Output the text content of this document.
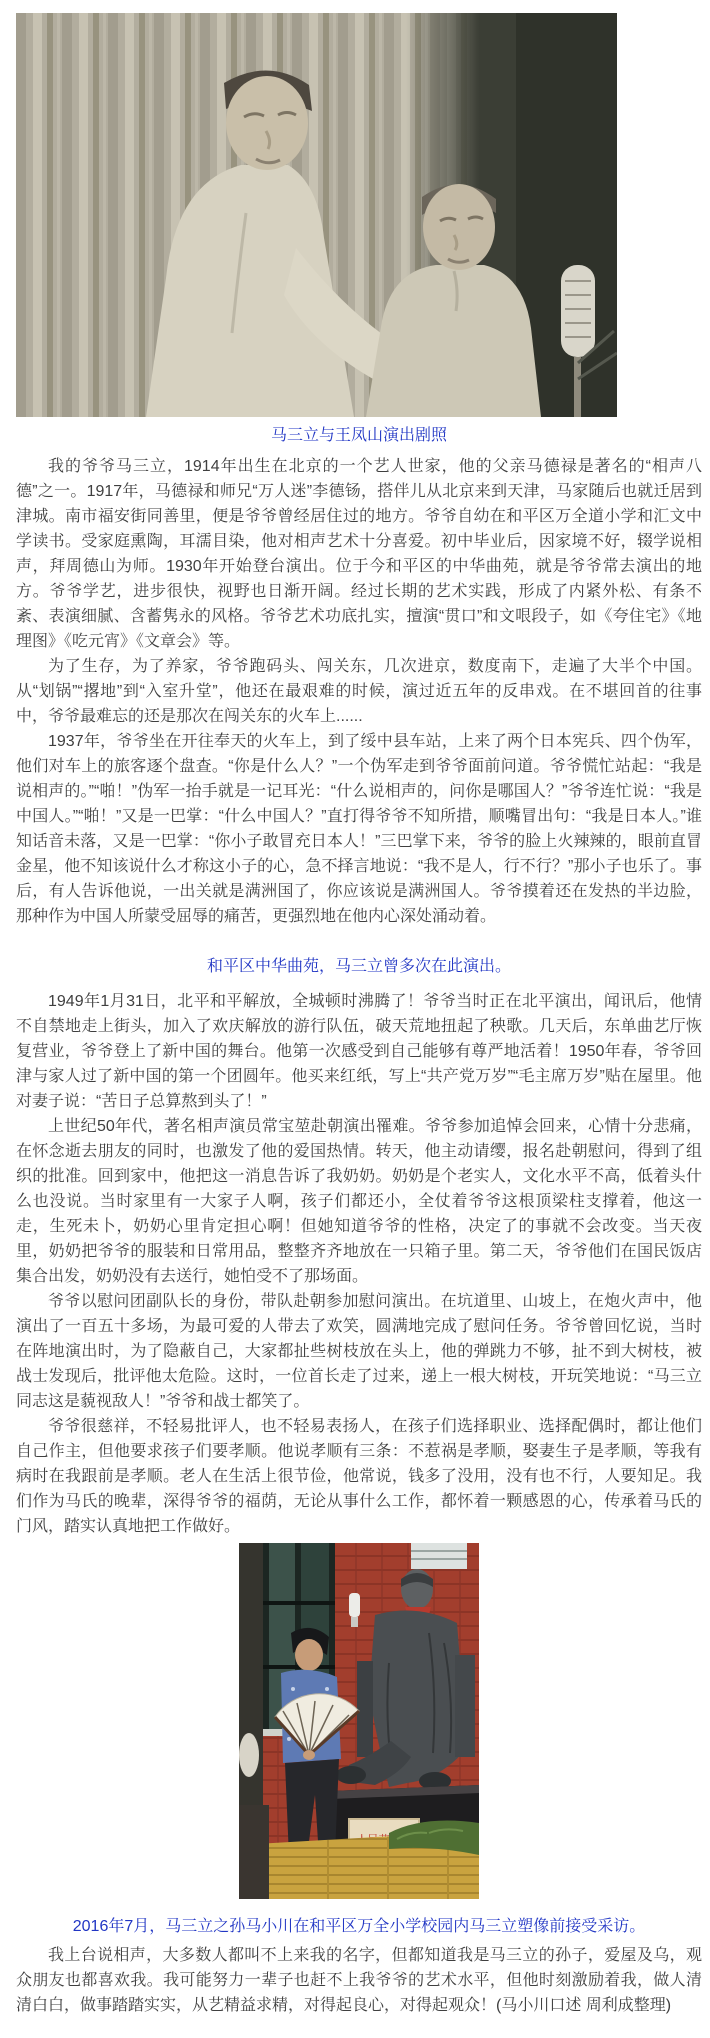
马三立与王凤山演出剧照

我的爷爷马三立，1914年出生在北京的一个艺人世家，他的父亲马德禄是著名的“相声八德”之一。1917年，马德禄和师兄“万人迷”李德钖，搭伴儿从北京来到天津，马家随后也就迁居到津城。南市福安街同善里，便是爷爷曾经居住过的地方。爷爷自幼在和平区万全道小学和汇文中学读书。受家庭熏陶，耳濡目染，他对相声艺术十分喜爱。初中毕业后，因家境不好，辍学说相声，拜周德山为师。1930年开始登台演出。位于今和平区的中华曲苑，就是爷爷常去演出的地方。爷爷学艺，进步很快，视野也日渐开阔。经过长期的艺术实践，形成了内紧外松、有条不紊、表演细腻、含蓄隽永的风格。爷爷艺术功底扎实，擅演“贯口”和文哏段子，如《夸住宅》《地理图》《吃元宵》《文章会》等。

为了生存，为了养家，爷爷跑码头、闯关东，几次进京，数度南下，走遍了大半个中国。从“划锅”“撂地”到“入室升堂”，他还在最艰难的时候，演过近五年的反串戏。在不堪回首的往事中，爷爷最难忘的还是那次在闯关东的火车上......

1937年，爷爷坐在开往奉天的火车上，到了绥中县车站，上来了两个日本宪兵、四个伪军，他们对车上的旅客逐个盘查。“你是什么人？”一个伪军走到爷爷面前问道。爷爷慌忙站起：“我是说相声的。”“啪！”伪军一抬手就是一记耳光：“什么说相声的，问你是哪国人？”爷爷连忙说：“我是中国人。”“啪！”又是一巴掌：“什么中国人？”直打得爷爷不知所措，顺嘴冒出句：“我是日本人。”谁知话音未落，又是一巴掌：“你小子敢冒充日本人！”三巴掌下来，爷爷的脸上火辣辣的，眼前直冒金星，他不知该说什么才称这小子的心，急不择言地说：“我不是人，行不行？”那小子也乐了。事后，有人告诉他说，一出关就是满洲国了，你应该说是满洲国人。爷爷摸着还在发热的半边脸，那种作为中国人所蒙受屈辱的痛苦，更强烈地在他内心深处涌动着。

和平区中华曲苑，马三立曾多次在此演出。

1949年1月31日，北平和平解放，全城顿时沸腾了！爷爷当时正在北平演出，闻讯后，他情不自禁地走上街头，加入了欢庆解放的游行队伍，破天荒地扭起了秧歌。几天后，东单曲艺厅恢复营业，爷爷登上了新中国的舞台。他第一次感受到自己能够有尊严地活着！1950年春，爷爷回津与家人过了新中国的第一个团圆年。他买来红纸，写上“共产党万岁”“毛主席万岁”贴在屋里。他对妻子说：“苦日子总算熬到头了！”

上世纪50年代，著名相声演员常宝堃赴朝演出罹难。爷爷参加追悼会回来，心情十分悲痛，在怀念逝去朋友的同时，也激发了他的爱国热情。转天，他主动请缨，报名赴朝慰问，得到了组织的批准。回到家中，他把这一消息告诉了我奶奶。奶奶是个老实人，文化水平不高，低着头什么也没说。当时家里有一大家子人啊，孩子们都还小，全仗着爷爷这根顶梁柱支撑着，他这一走，生死未卜，奶奶心里肯定担心啊！但她知道爷爷的性格，决定了的事就不会改变。当天夜里，奶奶把爷爷的服装和日常用品，整整齐齐地放在一只箱子里。第二天，爷爷他们在国民饭店集合出发，奶奶没有去送行，她怕受不了那场面。

爷爷以慰问团副队长的身份，带队赴朝参加慰问演出。在坑道里、山坡上，在炮火声中，他演出了一百五十多场，为最可爱的人带去了欢笑，圆满地完成了慰问任务。爷爷曾回忆说，当时在阵地演出时，为了隐蔽自己，大家都扯些树枝放在头上，他的弹跳力不够，扯不到大树枝，被战士发现后，批评他太危险。这时，一位首长走了过来，递上一根大树枝，开玩笑地说：“马三立同志这是藐视敌人！”爷爷和战士都笑了。

爷爷很慈祥，不轻易批评人，也不轻易表扬人，在孩子们选择职业、选择配偶时，都让他们自己作主，但他要求孩子们要孝顺。他说孝顺有三条：不惹祸是孝顺，娶妻生子是孝顺，等我有病时在我跟前是孝顺。老人在生活上很节俭，他常说，钱多了没用，没有也不行，人要知足。我们作为马氏的晚辈，深得爷爷的福荫，无论从事什么工作，都怀着一颗感恩的心，传承着马氏的门风，踏实认真地把工作做好。

2016年7月，马三立之孙马小川在和平区万全小学校园内马三立塑像前接受采访。

我上台说相声，大多数人都叫不上来我的名字，但都知道我是马三立的孙子，爱屋及乌，观众朋友也都喜欢我。我可能努力一辈子也赶不上我爷爷的艺术水平，但他时刻激励着我，做人清清白白，做事踏踏实实，从艺精益求精，对得起良心，对得起观众！(马小川口述 周利成整理)
